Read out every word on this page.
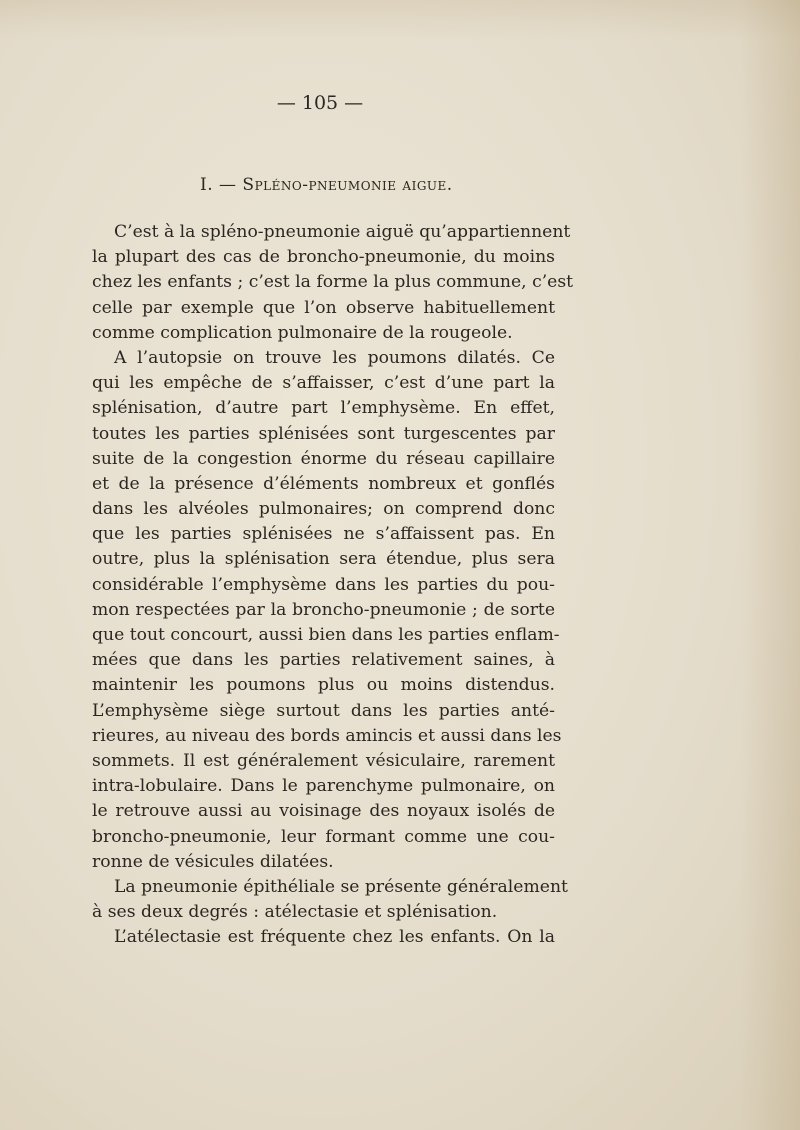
— 105 —
I. — Spléno-pneumonie aigue.
C’est à la spléno-pneumonie aiguë qu’appartiennent
la plupart des cas de broncho-pneumonie, du moins
chez les enfants ; c’est la forme la plus commune, c’est
celle par exemple que l’on observe habituellement
comme complication pulmonaire de la rougeole.
A l’autopsie on trouve les poumons dilatés. Ce
qui les empêche de s’affaisser, c’est d’une part la
splénisation, d’autre part l’emphysème. En effet,
toutes les parties splénisées sont turgescentes par
suite de la congestion énorme du réseau capillaire
et de la présence d’éléments nombreux et gonflés
dans les alvéoles pulmonaires; on comprend donc
que les parties splénisées ne s’affaissent pas. En
outre, plus la splénisation sera étendue, plus sera
considérable l’emphysème dans les parties du pou-
mon respectées par la broncho-pneumonie ; de sorte
que tout concourt, aussi bien dans les parties enflam-
mées que dans les parties relativement saines, à
maintenir les poumons plus ou moins distendus.
L’emphysème siège surtout dans les parties anté-
rieures, au niveau des bords amincis et aussi dans les
sommets. Il est généralement vésiculaire, rarement
intra-lobulaire. Dans le parenchyme pulmonaire, on
le retrouve aussi au voisinage des noyaux isolés de
broncho-pneumonie, leur formant comme une cou-
ronne de vésicules dilatées.
La pneumonie épithéliale se présente généralement
à ses deux degrés : atélectasie et splénisation.
L’atélectasie est fréquente chez les enfants. On la
